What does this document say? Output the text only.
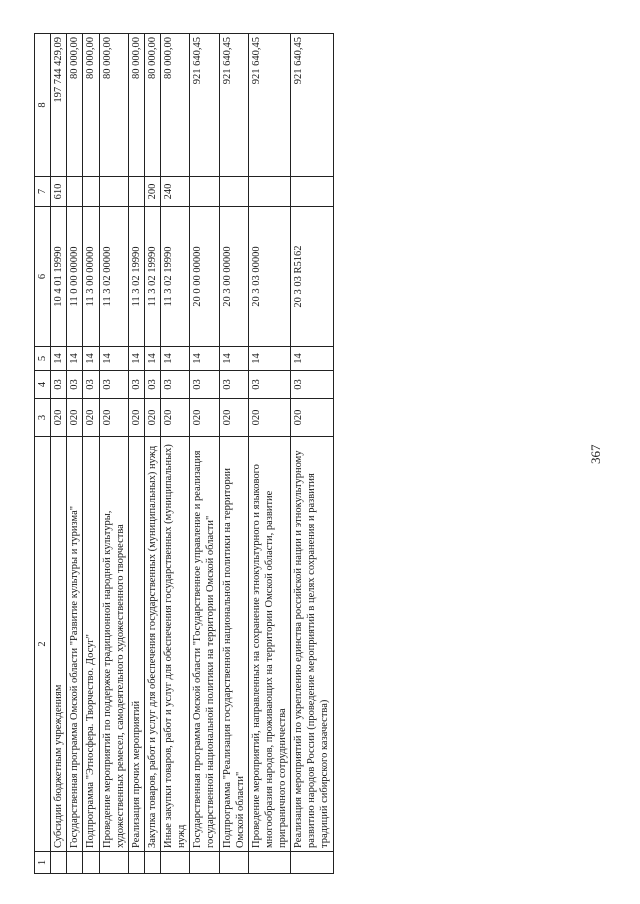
367
1	2	3	4	5	6	7	8
	Субсидии бюджетным учреждениям	020	03	14	10 4 01 19990	610	197 744 429,09
	Государственная программа Омской области "Развитие культуры и туризма"	020	03	14	11 0 00 00000		80 000,00
	Подпрограмма "Этносфера. Творчество. Досуг"	020	03	14	11 3 00 00000		80 000,00
	Проведение мероприятий по поддержке традиционной народной культуры, художественных ремесел, самодеятельного художественного творчества	020	03	14	11 3 02 00000		80 000,00
	Реализация прочих мероприятий	020	03	14	11 3 02 19990		80 000,00
	Закупка товаров, работ и услуг для обеспечения государственных (муниципальных) нужд	020	03	14	11 3 02 19990	200	80 000,00
	Иные закупки товаров, работ и услуг для обеспечения государственных (муниципальных) нужд	020	03	14	11 3 02 19990	240	80 000,00
	Государственная программа Омской области "Государственное управление и реализация государственной национальной политики на территории Омской области"	020	03	14	20 0 00 00000		921 640,45
	Подпрограмма "Реализация государственной национальной политики на территории Омской области"	020	03	14	20 3 00 00000		921 640,45
	Проведение мероприятий, направленных на сохранение этнокультурного и языкового многообразия народов, проживающих на территории Омской области, развитие приграничного сотрудничества	020	03	14	20 3 03 00000		921 640,45
	Реализация мероприятий по укреплению единства российской нации и этнокультурному развитию народов России (проведение мероприятий в целях сохранения и развития традиций сибирского казачества)	020	03	14	20 3 03 R5162		921 640,45
